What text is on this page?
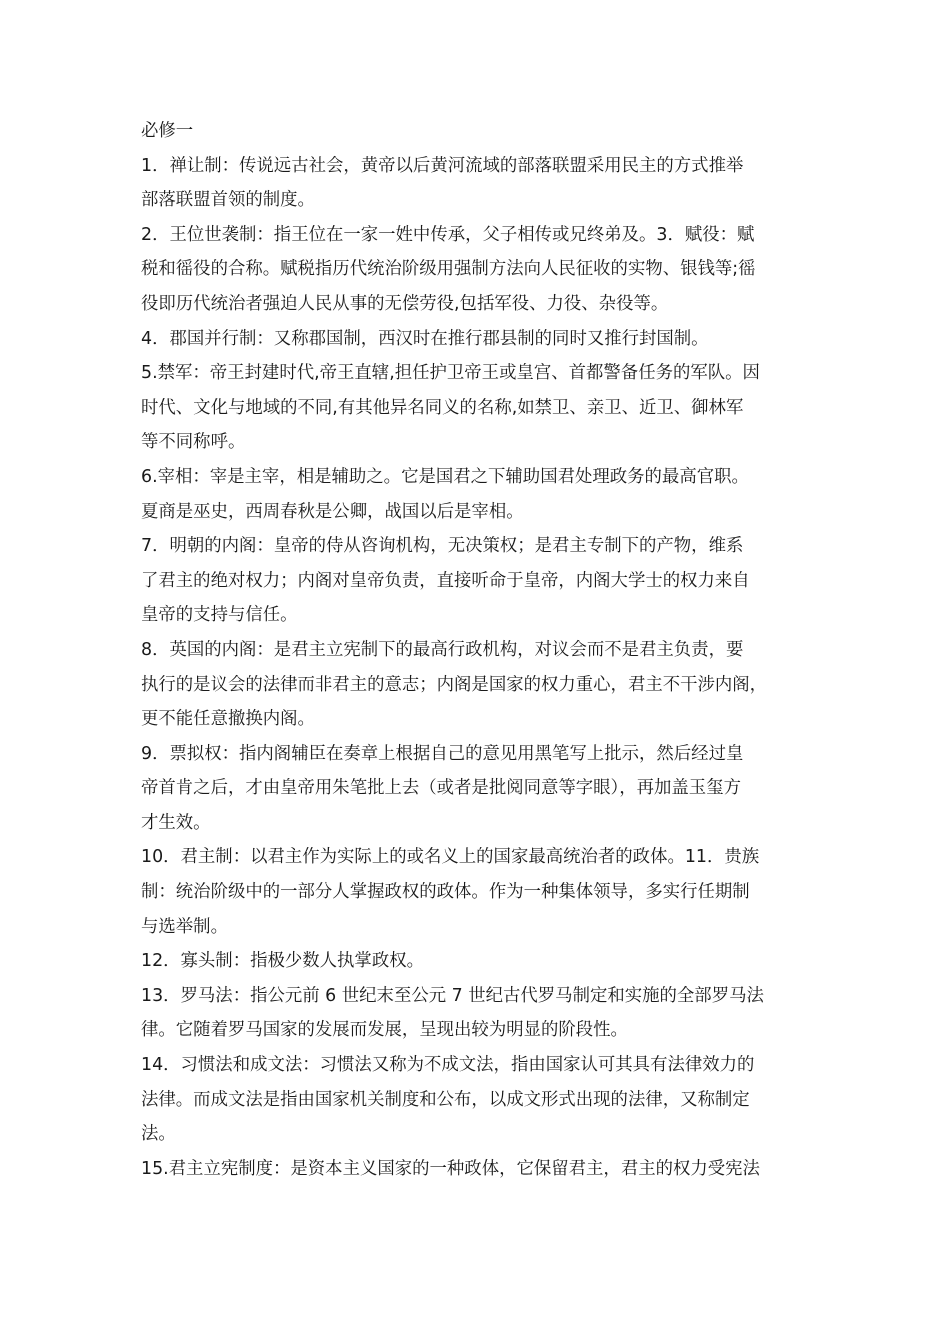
必修一
1．禅让制：传说远古社会，黄帝以后黄河流域的部落联盟采用民主的方式推举
部落联盟首领的制度。
2．王位世袭制：指王位在一家一姓中传承，父子相传或兄终弟及。3．赋役：赋
税和徭役的合称。赋税指历代统治阶级用强制方法向人民征收的实物、银钱等;徭
役即历代统治者强迫人民从事的无偿劳役,包括军役、力役、杂役等。
4．郡国并行制：又称郡国制，西汉时在推行郡县制的同时又推行封国制。
5.禁军：帝王封建时代,帝王直辖,担任护卫帝王或皇宫、首都警备任务的军队。因
时代、文化与地域的不同,有其他异名同义的名称,如禁卫、亲卫、近卫、御林军
等不同称呼。
6.宰相：宰是主宰，相是辅助之。它是国君之下辅助国君处理政务的最高官职。
夏商是巫史，西周春秋是公卿，战国以后是宰相。
7．明朝的内阁：皇帝的侍从咨询机构，无决策权；是君主专制下的产物，维系
了君主的绝对权力；内阁对皇帝负责，直接听命于皇帝，内阁大学士的权力来自
皇帝的支持与信任。
8．英国的内阁：是君主立宪制下的最高行政机构，对议会而不是君主负责，要
执行的是议会的法律而非君主的意志；内阁是国家的权力重心，君主不干涉内阁，
更不能任意撤换内阁。
9．票拟权：指内阁辅臣在奏章上根据自己的意见用黑笔写上批示，然后经过皇
帝首肯之后，才由皇帝用朱笔批上去（或者是批阅同意等字眼），再加盖玉玺方
才生效。
10．君主制：以君主作为实际上的或名义上的国家最高统治者的政体。11．贵族
制：统治阶级中的一部分人掌握政权的政体。作为一种集体领导，多实行任期制
与选举制。
12．寡头制：指极少数人执掌政权。
13．罗马法：指公元前 6 世纪末至公元 7 世纪古代罗马制定和实施的全部罗马法
律。它随着罗马国家的发展而发展，呈现出较为明显的阶段性。
14．习惯法和成文法：习惯法又称为不成文法，指由国家认可其具有法律效力的
法律。而成文法是指由国家机关制度和公布，以成文形式出现的法律，又称制定
法。
15.君主立宪制度：是资本主义国家的一种政体，它保留君主，君主的权力受宪法
